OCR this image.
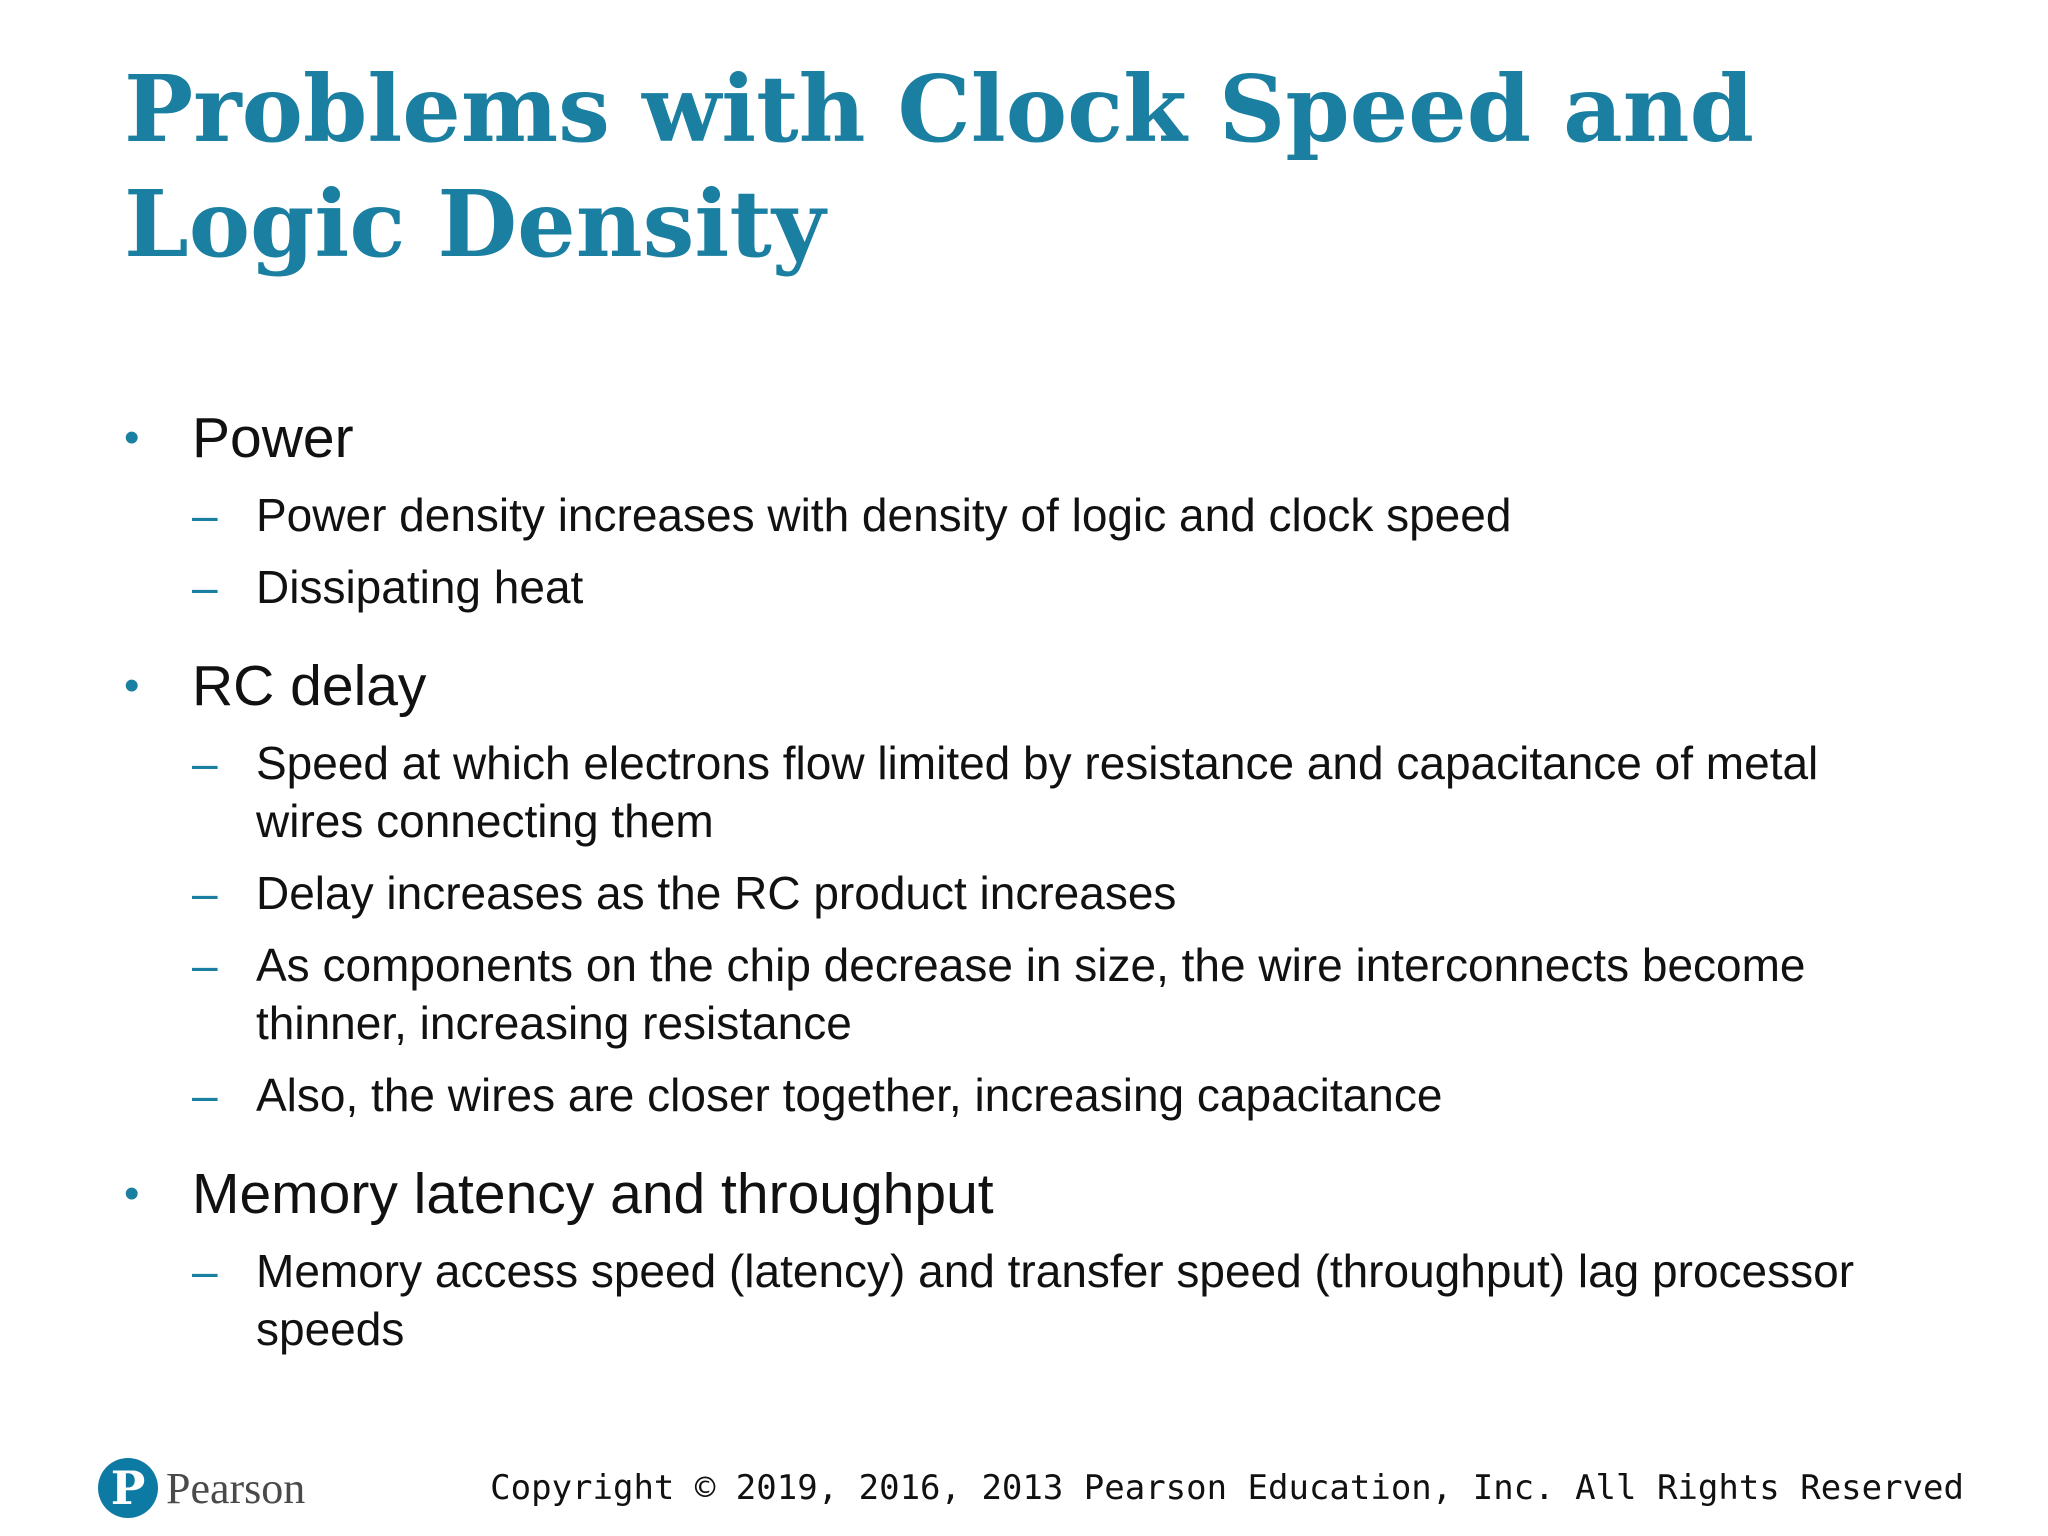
Problems with Clock Speed and Logic Density
• Power
– Power density increases with density of logic and clock speed
– Dissipating heat
• RC delay
– Speed at which electrons flow limited by resistance and capacitance of metal wires connecting them
– Delay increases as the RC product increases
– As components on the chip decrease in size, the wire interconnects become thinner, increasing resistance
– Also, the wires are closer together, increasing capacitance
• Memory latency and throughput
– Memory access speed (latency) and transfer speed (throughput) lag processor speeds
P Pearson	Copyright © 2019, 2016, 2013 Pearson Education, Inc. All Rights Reserved
